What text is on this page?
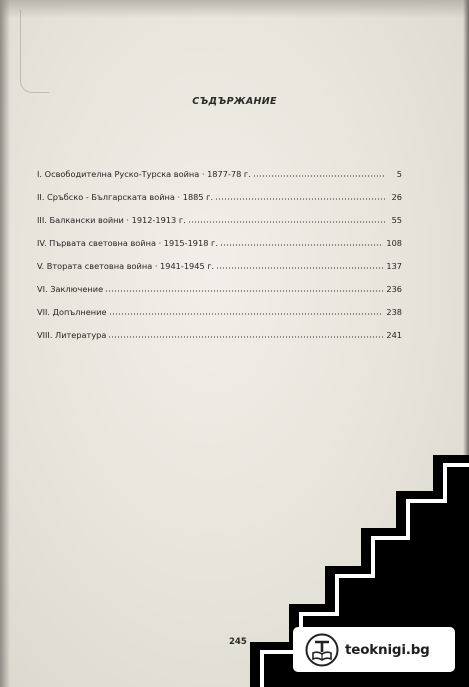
СЪДЪРЖАНИЕ
I. Освободителна Руско-Турска война · 1877-78 г.	5
II. Сръбско - Българската война · 1885 г.	26
III. Балкански войни · 1912-1913 г.	55
IV. Първата световна война · 1915-1918 г.	108
V. Втората световна война · 1941-1945 г.	137
VI. Заключение	236
VII. Допълнение	238
VIII. Литература	241
245	teoknigi.bg
